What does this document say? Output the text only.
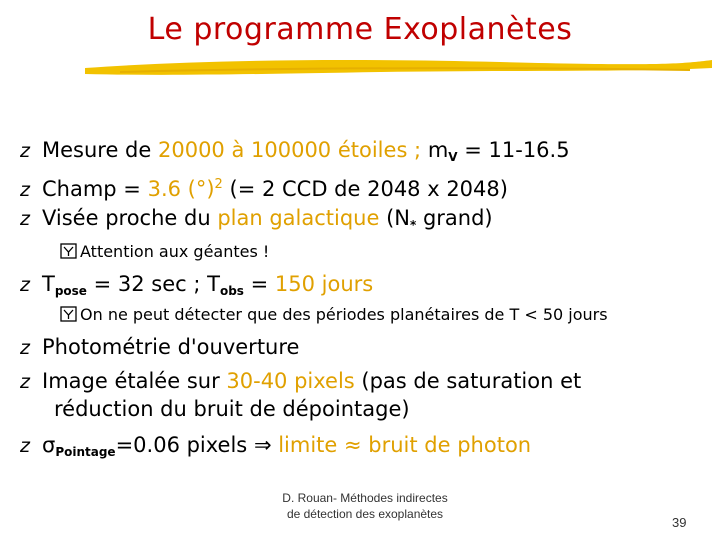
Le programme Exoplanètes
z Mesure de 20000 à 100000 étoiles ; $m_V = 11-16.5$
z Champ = 3.6 (°)$^2$ (= 2 CCD de 2048 x 2048)
z Visée proche du plan galactique ($N_*$ grand)
Attention aux géantes !
z $T_{pose} = 32$ sec ; $T_{obs} = 150$ jours
On ne peut détecter que des périodes planétaires de T < 50 jours
z Photométrie d'ouverture
z Image étalée sur 30-40 pixels (pas de saturation et
réduction du bruit de dépointage)
z $\sigma_{Pointage}=0.06$ pixels ⇒ limite ≈ bruit de photon
D. Rouan- Méthodes indirectes
de détection des exoplanètes
39
